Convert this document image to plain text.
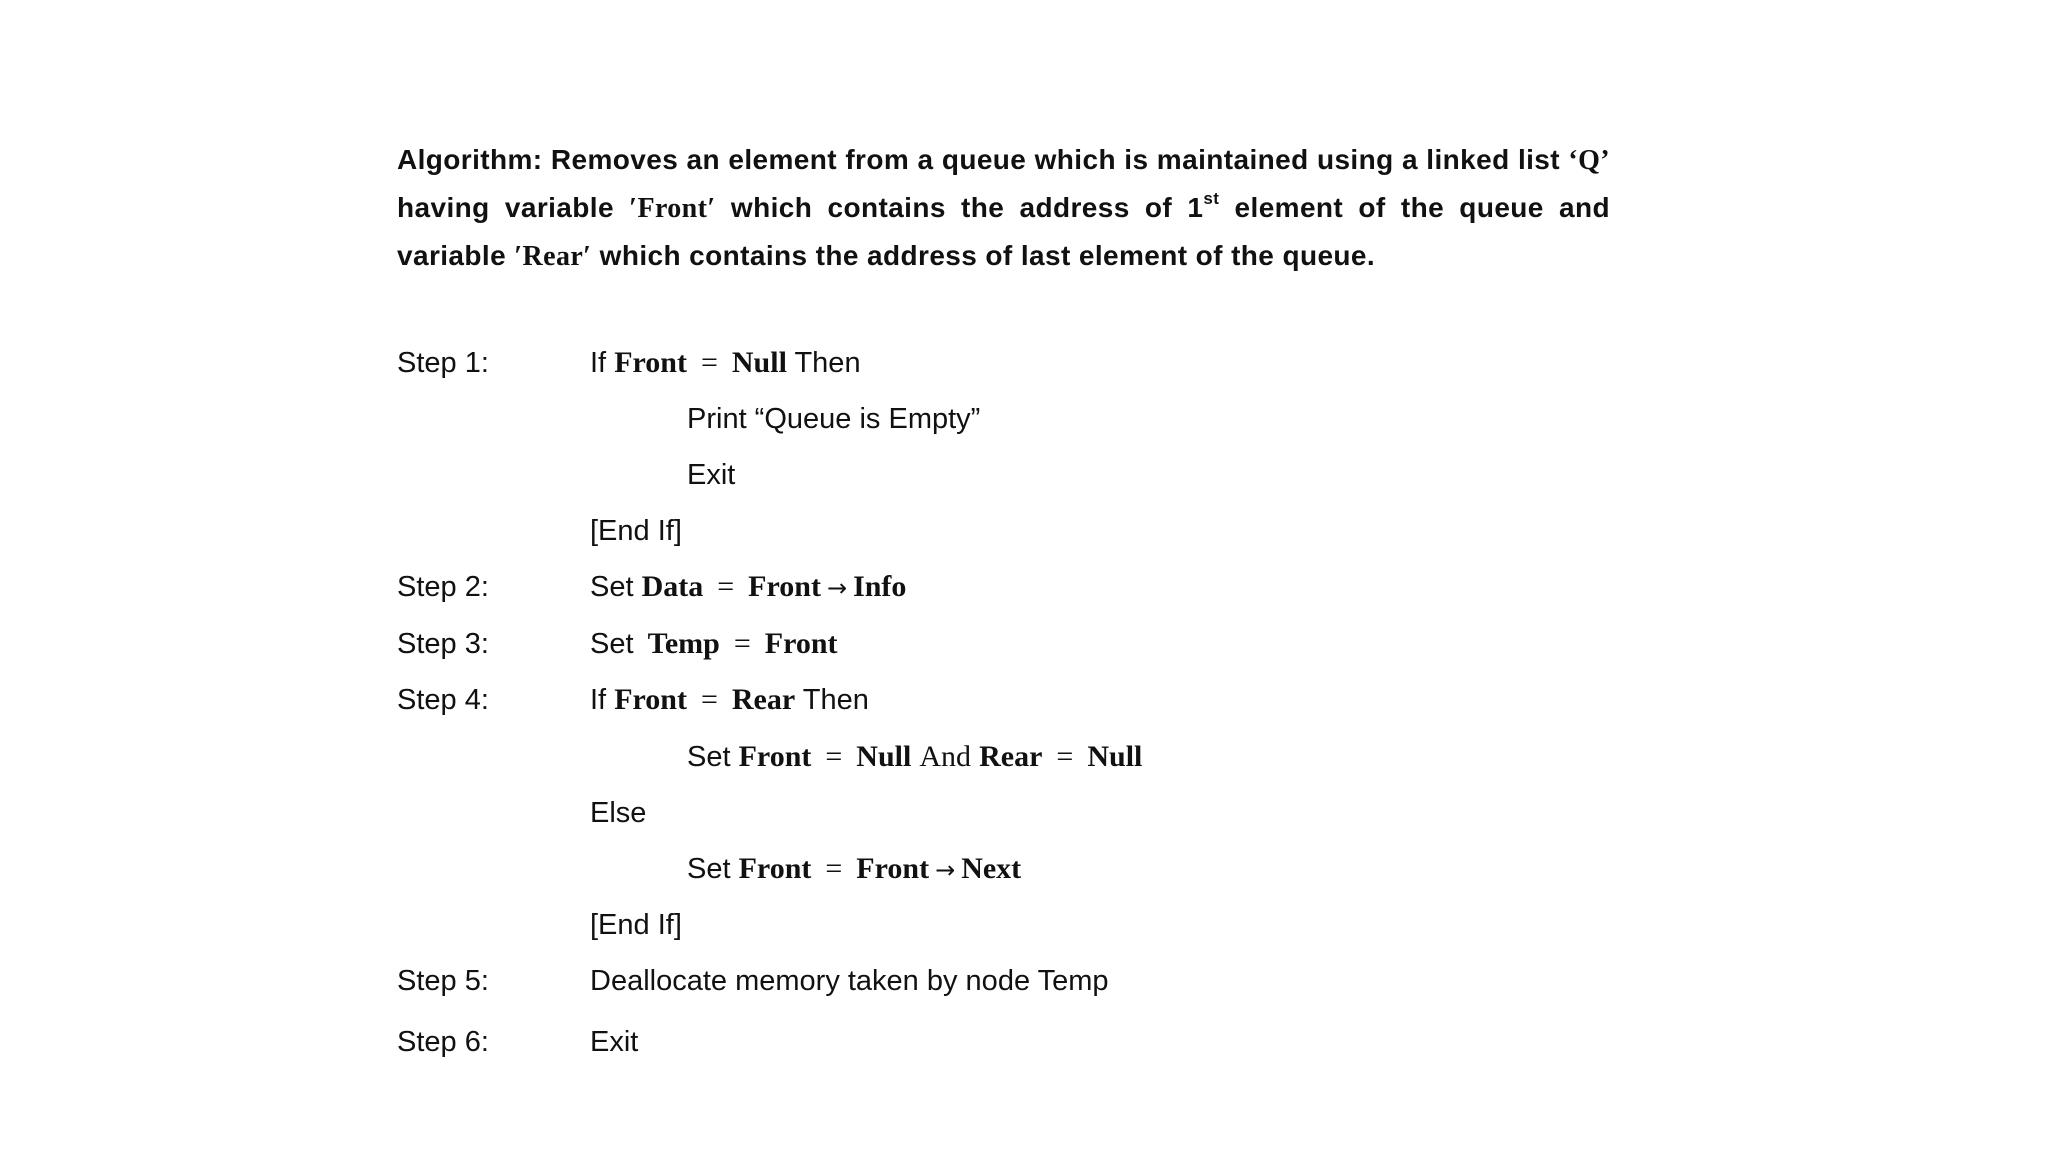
Algorithm: Removes an element from a queue which is maintained using a linked list ‘Q’ having variable ′Front′ which contains the address of 1st element of the queue and variable ′Rear′ which contains the address of last element of the queue.
Step 1:	If Front = Null Then
Print “Queue is Empty”
Exit
[End If]
Step 2:	Set Data = Front → Info
Step 3:	Set Temp = Front
Step 4:	If Front = Rear Then
Set Front = Null And Rear = Null
Else
Set Front = Front → Next
[End If]
Step 5:	Deallocate memory taken by node Temp
Step 6:	Exit
